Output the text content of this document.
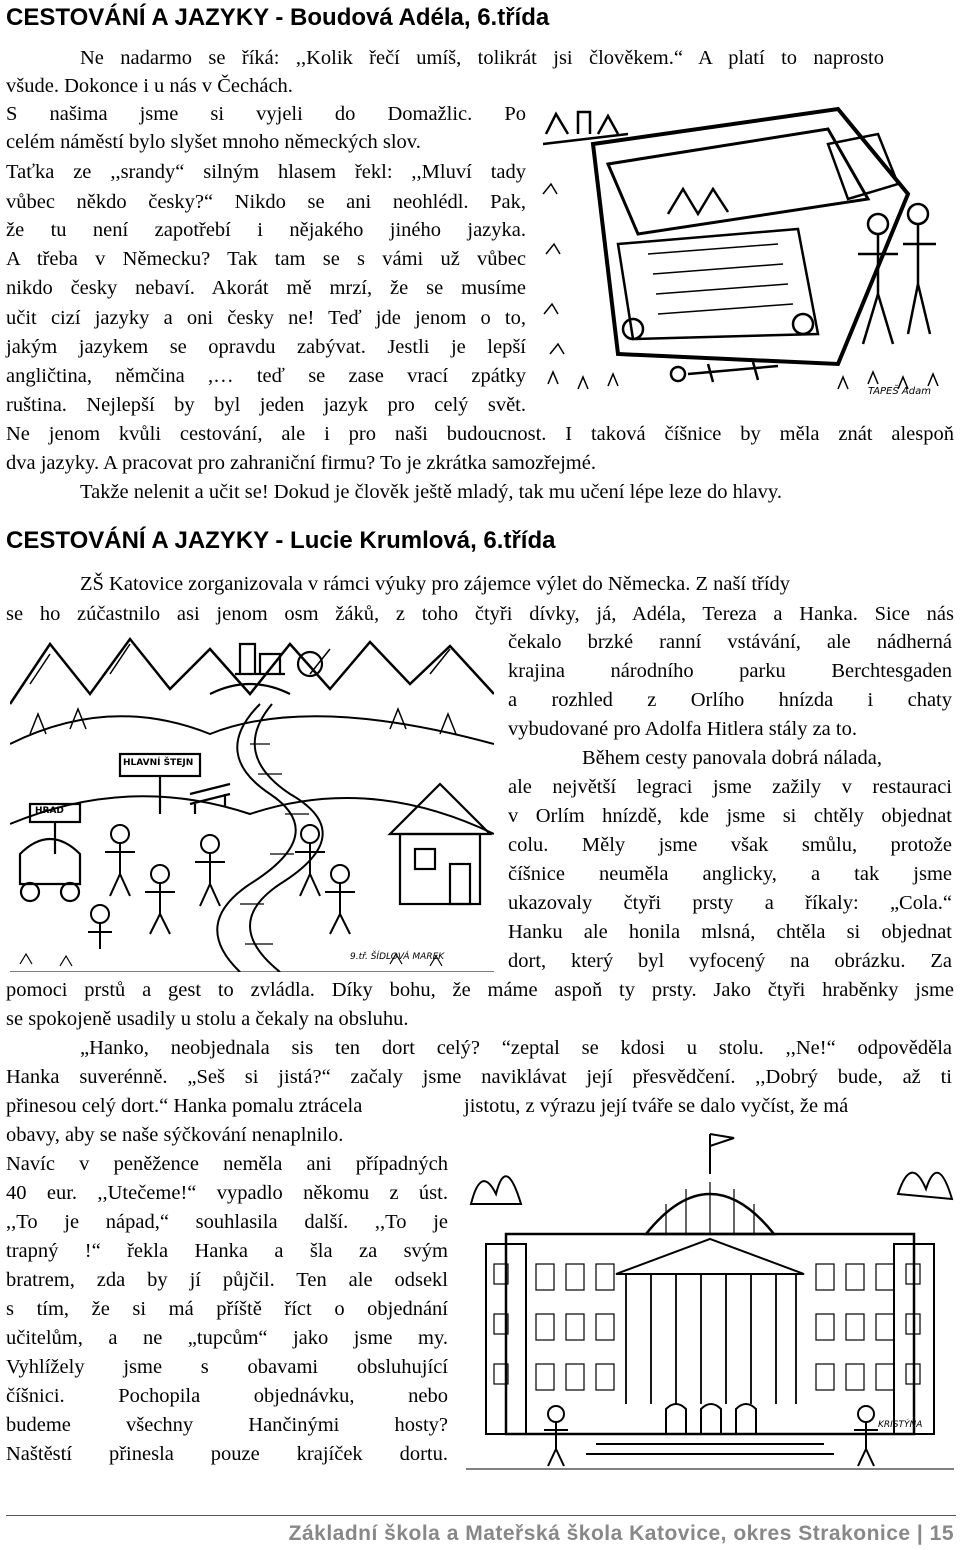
CESTOVÁNÍ A JAZYKY - Boudová Adéla, 6.třída

Ne nadarmo se říká: ,,Kolik řečí umíš, tolikrát jsi člověkem.“ A platí to naprosto

všude. Dokonce i u nás v Čechách.

S našima jsme si vyjeli do Domažlic. Po

celém náměstí bylo slyšet mnoho německých slov.

Taťka ze ,,srandy“ silným hlasem řekl: ,,Mluví tady

vůbec někdo česky?“ Nikdo se ani neohlédl. Pak,

že tu není zapotřebí i nějakého jiného jazyka.

A třeba v Německu? Tak tam se s vámi už vůbec

nikdo česky nebaví. Akorát mě mrzí, že se musíme

učit cizí jazyky a oni česky ne! Teď jde jenom o to,

jakým jazykem se opravdu zabývat. Jestli je lepší

angličtina, němčina ,… teď se zase vrací zpátky

ruština. Nejlepší by byl jeden jazyk pro celý svět.

Ne jenom kvůli cestování, ale i pro naši budoucnost. I taková číšnice by měla znát alespoň

dva jazyky. A pracovat pro zahraniční firmu? To je zkrátka samozřejmé.

Takže nelenit a učit se! Dokud je člověk ještě mladý, tak mu učení lépe leze do hlavy.

TAPEŠ Adam
CESTOVÁNÍ A JAZYKY - Lucie Krumlová, 6.třída

ZŠ Katovice zorganizovala v rámci výuky pro zájemce výlet do Německa. Z naší třídy

se ho zúčastnilo asi jenom osm žáků, z toho čtyři dívky, já, Adéla, Tereza a Hanka. Sice nás

čekalo brzké ranní vstávání, ale nádherná

krajina národního parku Berchtesgaden

a rozhled z Orlího hnízda i chaty

vybudované pro Adolfa Hitlera stály za to.

Během cesty panovala dobrá nálada,

ale největší legraci jsme zažily v restauraci

v Orlím hnízdě, kde jsme si chtěly objednat

colu. Měly jsme však smůlu, protože

číšnice neuměla anglicky, a tak jsme

ukazovaly čtyři prsty a říkaly: „Cola.“

Hanku ale honila mlsná, chtěla si objednat

dort, který byl vyfocený na obrázku. Za

pomoci prstů a gest to zvládla. Díky bohu, že máme aspoň ty prsty. Jako čtyři hraběnky jsme

se spokojeně usadily u stolu a čekaly na obsluhu.

„Hanko, neobjednala sis ten dort celý? “zeptal se kdosi u stolu. ,,Ne!“ odpověděla

Hanka suverénně. „Seš si jistá?“ začaly jsme naviklávat její přesvědčení. ,,Dobrý bude, až ti

přinesou celý dort.“ Hanka pomalu ztrácela	jistotu, z výrazu její tváře se dalo vyčíst, že má

obavy, aby se naše sýčkování nenaplnilo.

Navíc v peněžence neměla ani případných

40 eur. ,,Utečeme!“ vypadlo někomu z úst.

,,To je nápad,“ souhlasila další. ,,To je

trapný !“ řekla Hanka a šla za svým

bratrem, zda by jí půjčil. Ten ale odsekl

s tím, že si má příště říct o objednání

učitelům, a ne „tupcům“ jako jsme my.

Vyhlížely jsme s obavami obsluhující

číšnici. Pochopila objednávku, nebo

budeme všechny Hančinými hosty?

Naštěstí přinesla pouze krajíček dortu.

HLAVNÍ ŠTEJN
HRAD
9.tř. ŠÍDLOVÁ MAREK
KRISTÝNA
Základní škola a Mateřská škola Katovice, okres Strakonice | 15
